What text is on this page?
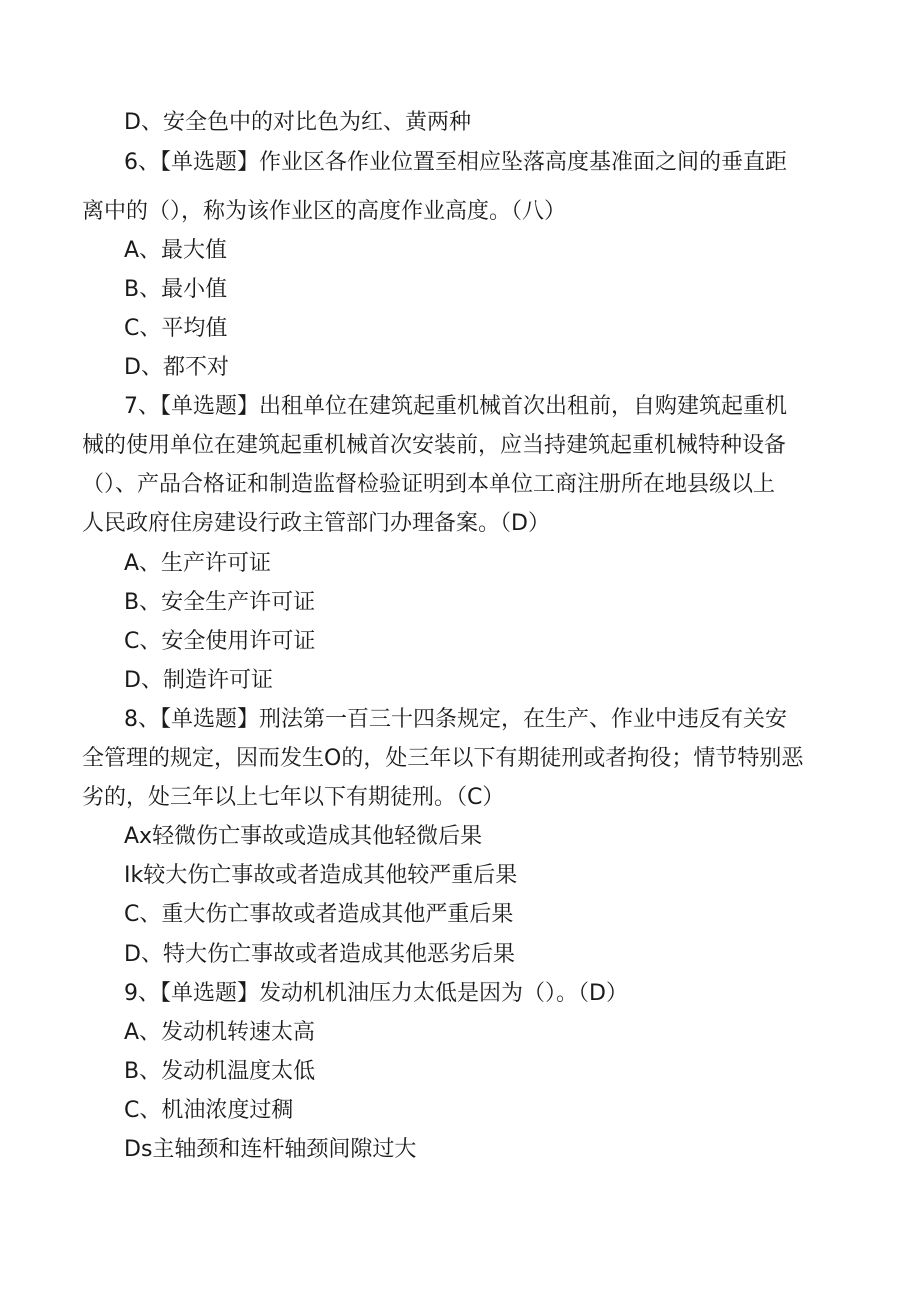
D、安全色中的对比色为红、黄两种
6、【单选题】作业区各作业位置至相应坠落高度基准面之间的垂直距
离中的（），称为该作业区的高度作业高度。（八）
A、最大值
B、最小值
C、平均值
D、都不对
7、【单选题】出租单位在建筑起重机械首次出租前，自购建筑起重机
械的使用单位在建筑起重机械首次安装前，应当持建筑起重机械特种设备
（）、产品合格证和制造监督检验证明到本单位工商注册所在地县级以上
人民政府住房建设行政主管部门办理备案。（D）
A、生产许可证
B、安全生产许可证
C、安全使用许可证
D、制造许可证
8、【单选题】刑法第一百三十四条规定，在生产、作业中违反有关安
全管理的规定，因而发生O的，处三年以下有期徒刑或者拘役；情节特别恶
劣的，处三年以上七年以下有期徒刑。（C）
Ax轻微伤亡事故或造成其他轻微后果
Ik较大伤亡事故或者造成其他较严重后果
C、重大伤亡事故或者造成其他严重后果
D、特大伤亡事故或者造成其他恶劣后果
9、【单选题】发动机机油压力太低是因为（）。（D）
A、发动机转速太高
B、发动机温度太低
C、机油浓度过稠
Ds主轴颈和连杆轴颈间隙过大
